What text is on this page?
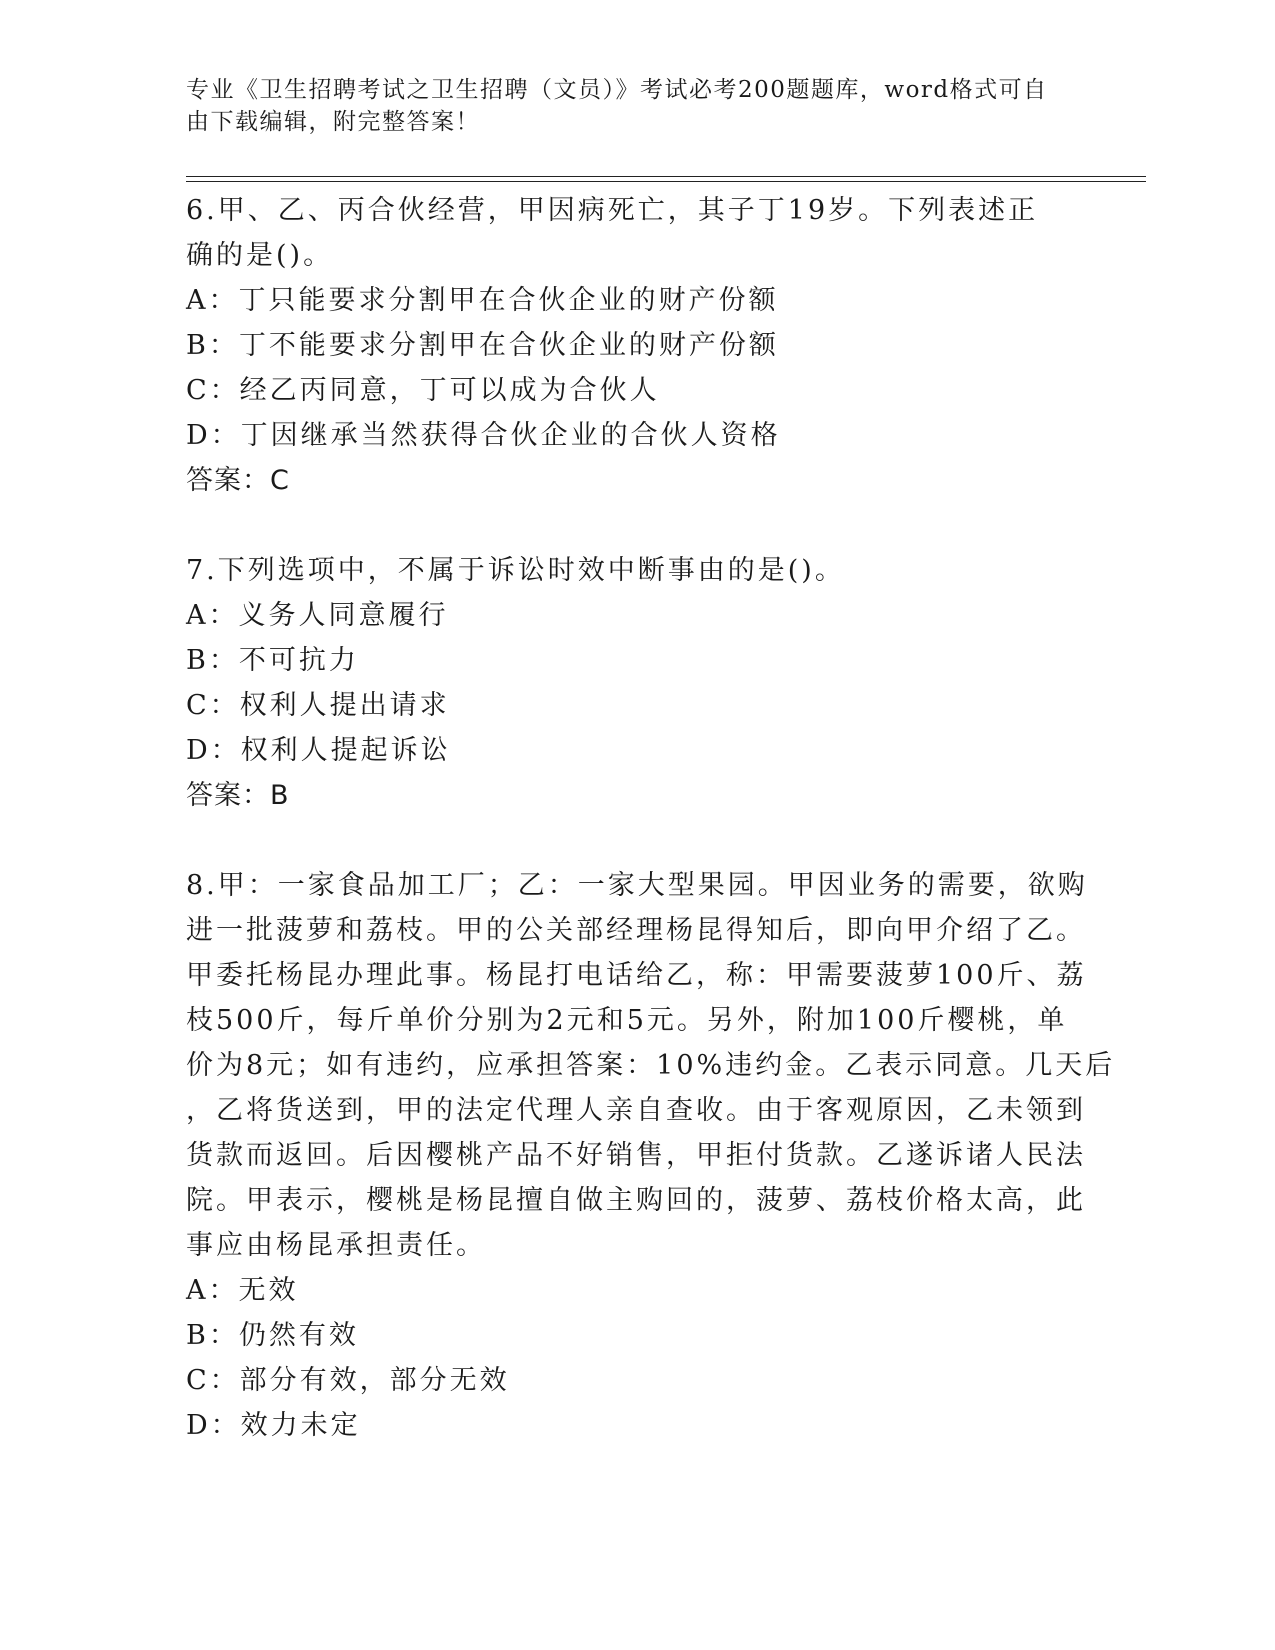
专业《卫生招聘考试之卫生招聘（文员）》考试必考200题题库，word格式可自由下载编辑，附完整答案！
6.甲、乙、丙合伙经营，甲因病死亡，其子丁19岁。下列表述正确的是()。
A：丁只能要求分割甲在合伙企业的财产份额
B：丁不能要求分割甲在合伙企业的财产份额
C：经乙丙同意，丁可以成为合伙人
D：丁因继承当然获得合伙企业的合伙人资格
答案：C
7.下列选项中，不属于诉讼时效中断事由的是()。
A：义务人同意履行
B：不可抗力
C：权利人提出请求
D：权利人提起诉讼
答案：B
8.甲：一家食品加工厂；乙：一家大型果园。甲因业务的需要，欲购
进一批菠萝和荔枝。甲的公关部经理杨昆得知后，即向甲介绍了乙。
甲委托杨昆办理此事。杨昆打电话给乙，称：甲需要菠萝100斤、荔
枝500斤，每斤单价分别为2元和5元。另外，附加100斤樱桃，单
价为8元；如有违约，应承担答案：10%违约金。乙表示同意。几天后
，乙将货送到，甲的法定代理人亲自查收。由于客观原因，乙未领到
货款而返回。后因樱桃产品不好销售，甲拒付货款。乙遂诉诸人民法
院。甲表示，樱桃是杨昆擅自做主购回的，菠萝、荔枝价格太高，此
事应由杨昆承担责任。
A：无效
B：仍然有效
C：部分有效，部分无效
D：效力未定
